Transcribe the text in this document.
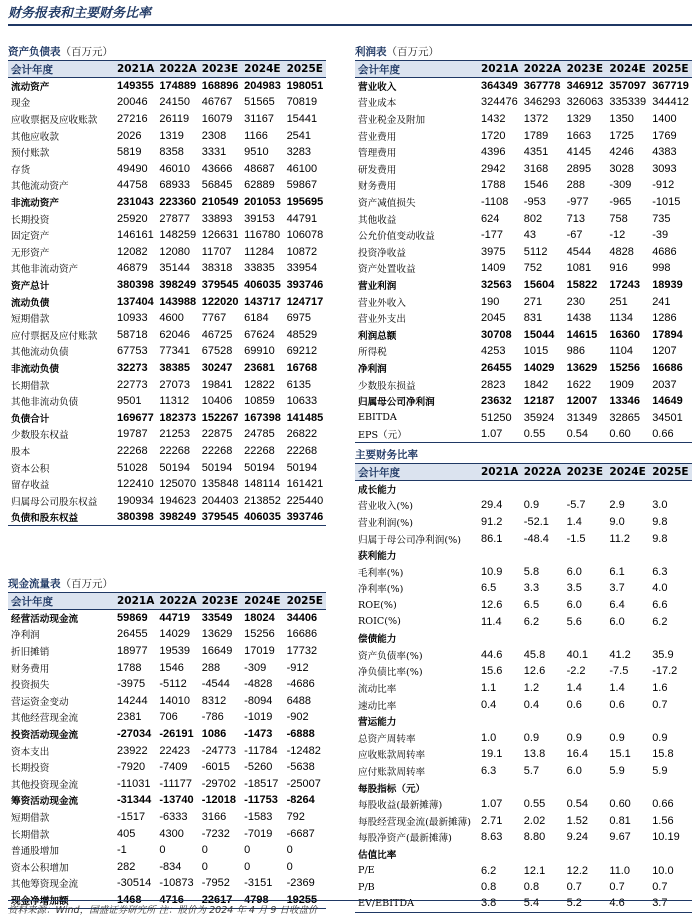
财务报表和主要财务比率
资产负债表（百万元）
会计年度	2021A	2022A	2023E	2024E	2025E
流动资产	149355	174889	168896	204983	198051
现金	20046	24150	46767	51565	70819
应收票据及应收账款	27216	26119	16079	31167	15441
其他应收款	2026	1319	2308	1166	2541
预付账款	5819	8358	3331	9510	3283
存货	49490	46010	43666	48687	46100
其他流动资产	44758	68933	56845	62889	59867
非流动资产	231043	223360	210549	201053	195695
长期投资	25920	27877	33893	39153	44791
固定资产	146161	148259	126631	116780	106078
无形资产	12082	12080	11707	11284	10872
其他非流动资产	46879	35144	38318	33835	33954
资产总计	380398	398249	379545	406035	393746
流动负债	137404	143988	122020	143717	124717
短期借款	10933	4600	7767	6184	6975
应付票据及应付账款	58718	62046	46725	67624	48529
其他流动负债	67753	77341	67528	69910	69212
非流动负债	32273	38385	30247	23681	16768
长期借款	22773	27073	19841	12822	6135
其他非流动负债	9501	11312	10406	10859	10633
负债合计	169677	182373	152267	167398	141485
少数股东权益	19787	21253	22875	24785	26822
股本	22268	22268	22268	22268	22268
资本公积	51028	50194	50194	50194	50194
留存收益	122410	125070	135848	148114	161421
归属母公司股东权益	190934	194623	204403	213852	225440
负债和股东权益	380398	398249	379545	406035	393746
利润表（百万元）
会计年度	2021A	2022A	2023E	2024E	2025E
营业收入	364349	367778	346912	357097	367719
营业成本	324476	346293	326063	335339	344412
营业税金及附加	1432	1372	1329	1350	1400
营业费用	1720	1789	1663	1725	1769
管理费用	4396	4351	4145	4246	4383
研发费用	2942	3168	2895	3028	3093
财务费用	1788	1546	288	-309	-912
资产减值损失	-1108	-953	-977	-965	-1015
其他收益	624	802	713	758	735
公允价值变动收益	-177	43	-67	-12	-39
投资净收益	3975	5112	4544	4828	4686
资产处置收益	1409	752	1081	916	998
营业利润	32563	15604	15822	17243	18939
营业外收入	190	271	230	251	241
营业外支出	2045	831	1438	1134	1286
利润总额	30708	15044	14615	16360	17894
所得税	4253	1015	986	1104	1207
净利润	26455	14029	13629	15256	16686
少数股东损益	2823	1842	1622	1909	2037
归属母公司净利润	23632	12187	12007	13346	14649
EBITDA	51250	35924	31349	32865	34501
EPS（元）	1.07	0.55	0.54	0.60	0.66
主要财务比率
会计年度	2021A	2022A	2023E	2024E	2025E
成长能力					
营业收入(%)	29.4	0.9	-5.7	2.9	3.0
营业利润(%)	91.2	-52.1	1.4	9.0	9.8
归属于母公司净利润(%)	86.1	-48.4	-1.5	11.2	9.8
获利能力					
毛利率(%)	10.9	5.8	6.0	6.1	6.3
净利率(%)	6.5	3.3	3.5	3.7	4.0
ROE(%)	12.6	6.5	6.0	6.4	6.6
ROIC(%)	11.4	6.2	5.6	6.0	6.2
偿债能力					
资产负债率(%)	44.6	45.8	40.1	41.2	35.9
净负债比率(%)	15.6	12.6	-2.2	-7.5	-17.2
流动比率	1.1	1.2	1.4	1.4	1.6
速动比率	0.4	0.4	0.6	0.6	0.7
营运能力					
总资产周转率	1.0	0.9	0.9	0.9	0.9
应收账款周转率	19.1	13.8	16.4	15.1	15.8
应付账款周转率	6.3	5.7	6.0	5.9	5.9
每股指标（元）					
每股收益(最新摊薄)	1.07	0.55	0.54	0.60	0.66
每股经营现金流(最新摊薄)	2.71	2.02	1.52	0.81	1.56
每股净资产(最新摊薄)	8.63	8.80	9.24	9.67	10.19
估值比率					
P/E	6.2	12.1	12.2	11.0	10.0
P/B	0.8	0.8	0.7	0.7	0.7
EV/EBITDA	3.8	5.4	5.2	4.6	3.7
现金流量表（百万元）
会计年度	2021A	2022A	2023E	2024E	2025E
经营活动现金流	59869	44719	33549	18024	34406
净利润	26455	14029	13629	15256	16686
折旧摊销	18977	19539	16649	17019	17732
财务费用	1788	1546	288	-309	-912
投资损失	-3975	-5112	-4544	-4828	-4686
营运资金变动	14244	14010	8312	-8094	6488
其他经营现金流	2381	706	-786	-1019	-902
投资活动现金流	-27034	-26191	1086	-1473	-6888
资本支出	23922	22423	-24773	-11784	-12482
长期投资	-7920	-7409	-6015	-5260	-5638
其他投资现金流	-11031	-11177	-29702	-18517	-25007
筹资活动现金流	-31344	-13740	-12018	-11753	-8264
短期借款	-1517	-6333	3166	-1583	792
长期借款	405	4300	-7232	-7019	-6687
普通股增加	-1	0	0	0	0
资本公积增加	282	-834	0	0	0
其他筹资现金流	-30514	-10873	-7952	-3151	-2369
现金净增加额	1468	4716	22617	4798	19255
资料来源：Wind，国盛证券研究所 注：股价为 2024 年 4 月 9 日收盘价
